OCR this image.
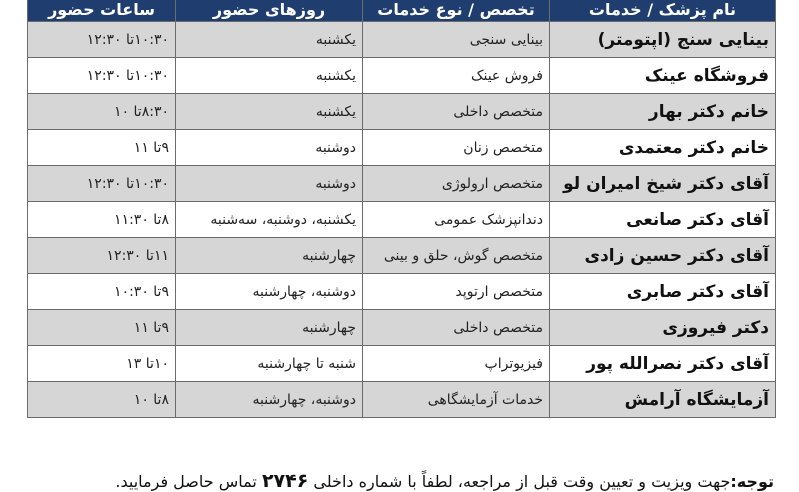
نام پزشک / خدمات	تخصص / نوع خدمات	روزهای حضور	ساعات حضور
بینایی سنج (اپتومتر)	بینایی سنجی	یکشنبه	۱۰:۳۰تا ۱۲:۳۰
فروشگاه عینک	فروش عینک	یکشنبه	۱۰:۳۰تا ۱۲:۳۰
خانم دکتر بهار	متخصص داخلی	یکشنبه	۸:۳۰تا ۱۰
خانم دکتر معتمدی	متخصص زنان	دوشنبه	۹تا ۱۱
آقای دکتر شیخ امیران لو	متخصص ارولوژی	دوشنبه	۱۰:۳۰تا ۱۲:۳۰
آقای دکتر صانعی	دندانپزشک عمومی	یکشنبه، دوشنبه، سه‌شنبه	۸تا ۱۱:۳۰
آقای دکتر حسین زادی	متخصص گوش، حلق و بینی	چهارشنبه	۱۱تا ۱۲:۳۰
آقای دکتر صابری	متخصص ارتوپد	دوشنبه، چهارشنبه	۹تا ۱۰:۳۰
دکتر فیروزی	متخصص داخلی	چهارشنبه	۹تا ۱۱
آقای دکتر نصرالله پور	فیزیوتراپ	شنبه تا چهارشنبه	۱۰تا ۱۳
آزمایشگاه آرامش	خدمات آزمایشگاهی	دوشنبه، چهارشنبه	۸تا ۱۰
توجه:جهت ویزیت و تعیین وقت قبل از مراجعه، لطفاً با شماره داخلی ۲۷۴۶ تماس حاصل فرمایید.
